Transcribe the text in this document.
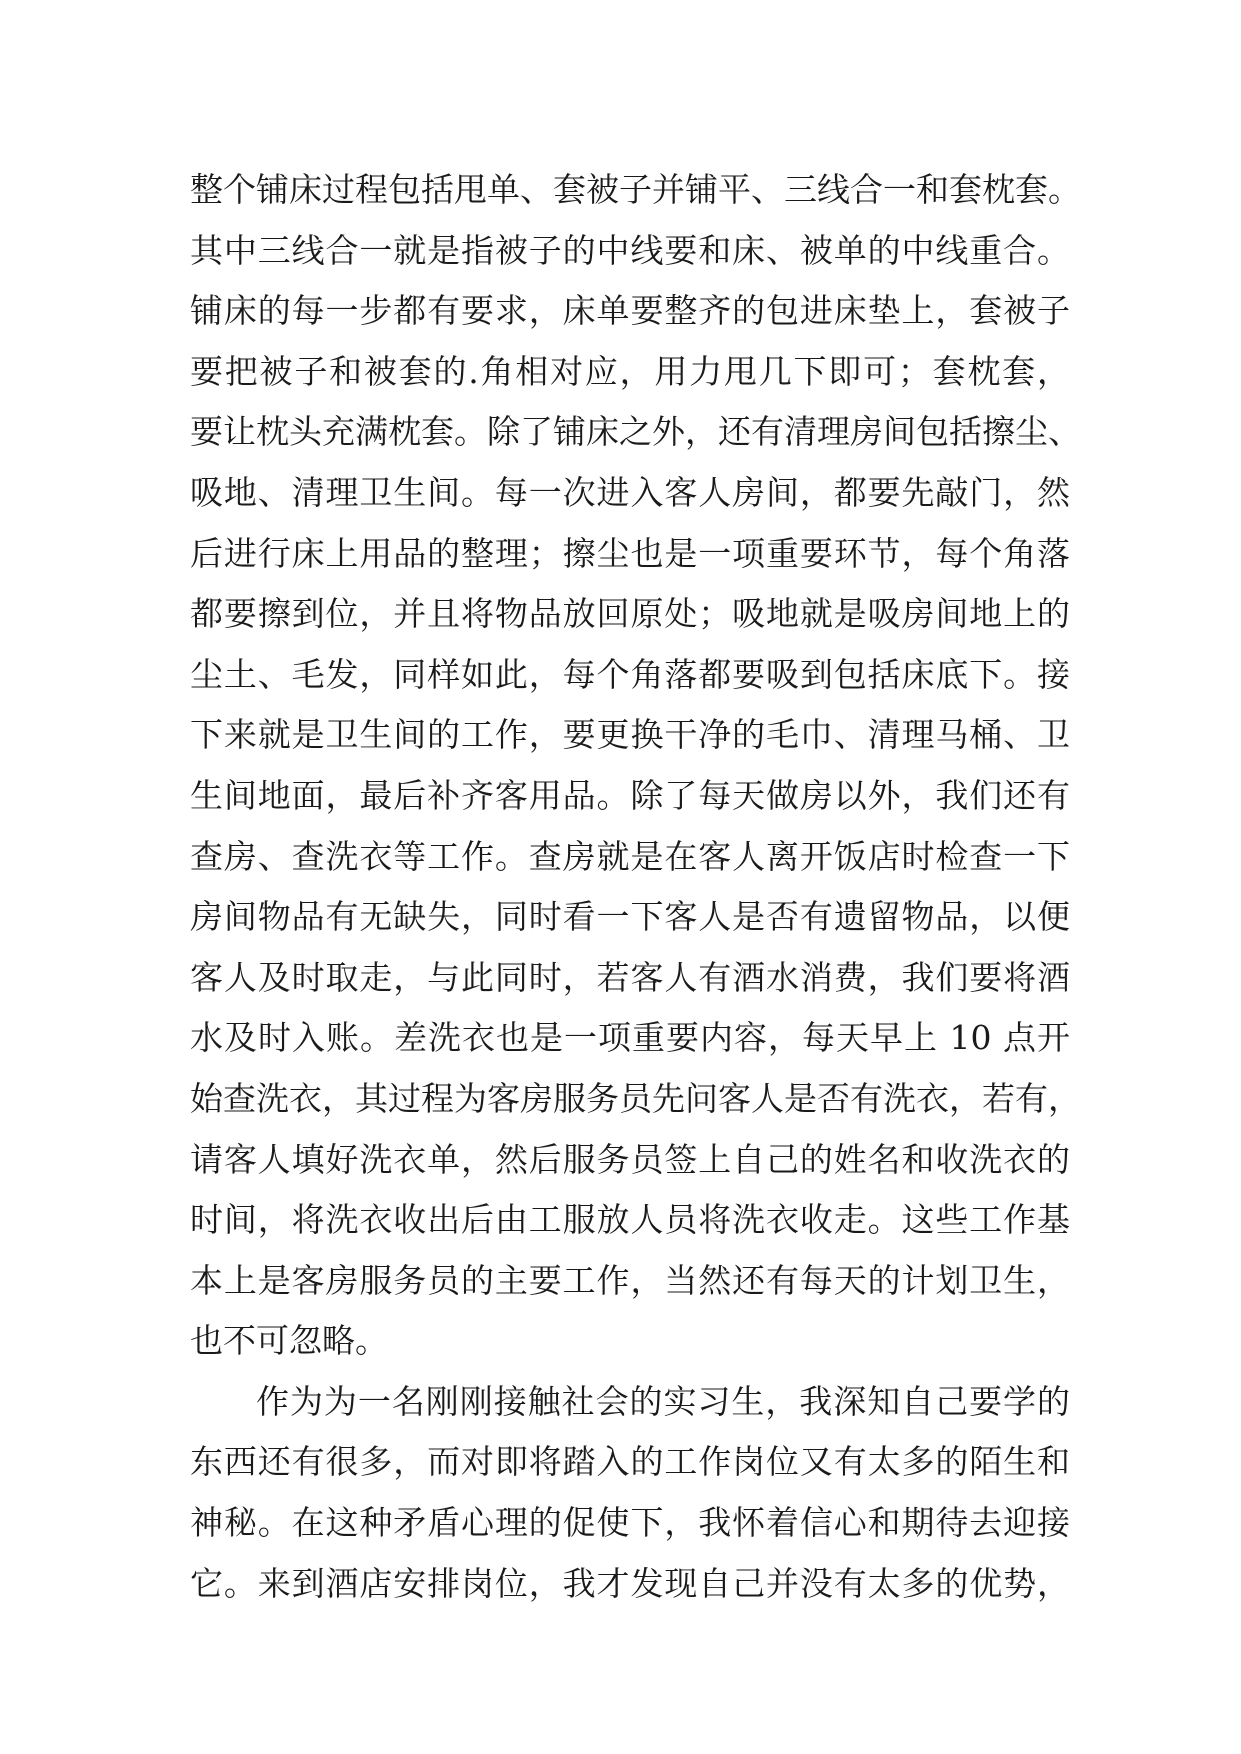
整个铺床过程包括甩单、套被子并铺平、三线合一和套枕套。
其中三线合一就是指被子的中线要和床、被单的中线重合。
铺床的每一步都有要求，床单要整齐的包进床垫上，套被子
要把被子和被套的.角相对应，用力甩几下即可；套枕套，
要让枕头充满枕套。除了铺床之外，还有清理房间包括擦尘、
吸地、清理卫生间。每一次进入客人房间，都要先敲门，然
后进行床上用品的整理；擦尘也是一项重要环节，每个角落
都要擦到位，并且将物品放回原处；吸地就是吸房间地上的
尘土、毛发，同样如此，每个角落都要吸到包括床底下。接
下来就是卫生间的工作，要更换干净的毛巾、清理马桶、卫
生间地面，最后补齐客用品。除了每天做房以外，我们还有
查房、查洗衣等工作。查房就是在客人离开饭店时检查一下
房间物品有无缺失，同时看一下客人是否有遗留物品，以便
客人及时取走，与此同时，若客人有酒水消费，我们要将酒
水及时入账。差洗衣也是一项重要内容，每天早上 10 点开
始查洗衣，其过程为客房服务员先问客人是否有洗衣，若有，
请客人填好洗衣单，然后服务员签上自己的姓名和收洗衣的
时间，将洗衣收出后由工服放人员将洗衣收走。这些工作基
本上是客房服务员的主要工作，当然还有每天的计划卫生，
也不可忽略。
作为为一名刚刚接触社会的实习生，我深知自己要学的
东西还有很多，而对即将踏入的工作岗位又有太多的陌生和
神秘。在这种矛盾心理的促使下，我怀着信心和期待去迎接
它。来到酒店安排岗位，我才发现自己并没有太多的优势，
